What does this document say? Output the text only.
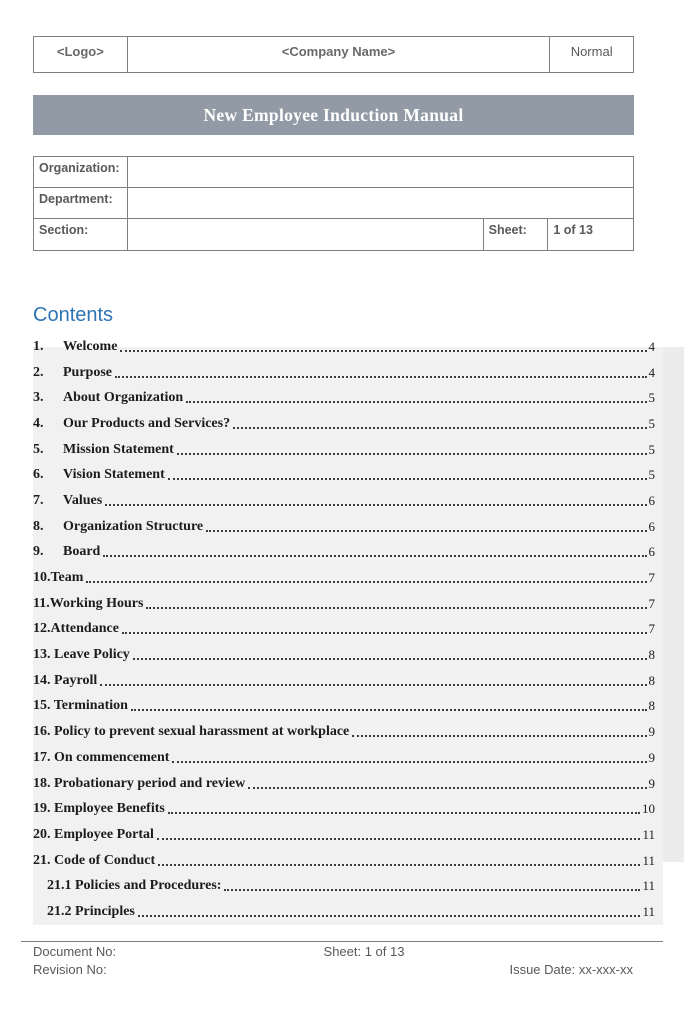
<Logo>	<Company Name>	Normal
New Employee Induction Manual
Organization:
Department:
Section:	Sheet:	1 of 13
Contents
1.	Welcome	4
2.	Purpose	4
3.	About Organization	5
4.	Our Products and Services?	5
5.	Mission Statement	5
6.	Vision Statement	5
7.	Values	6
8.	Organization Structure	6
9.	Board	6
10.Team	7
11.Working Hours	7
12.Attendance	7
13. Leave Policy	8
14. Payroll	8
15. Termination	8
16. Policy to prevent sexual harassment at workplace	9
17. On commencement	9
18. Probationary period and review	9
19. Employee Benefits	10
20. Employee Portal	11
21. Code of Conduct	11
21.1 Policies and Procedures:	11
21.2 Principles	11
Document No:	Sheet: 1 of 13
Revision No:	Issue Date: xx-xxx-xx
